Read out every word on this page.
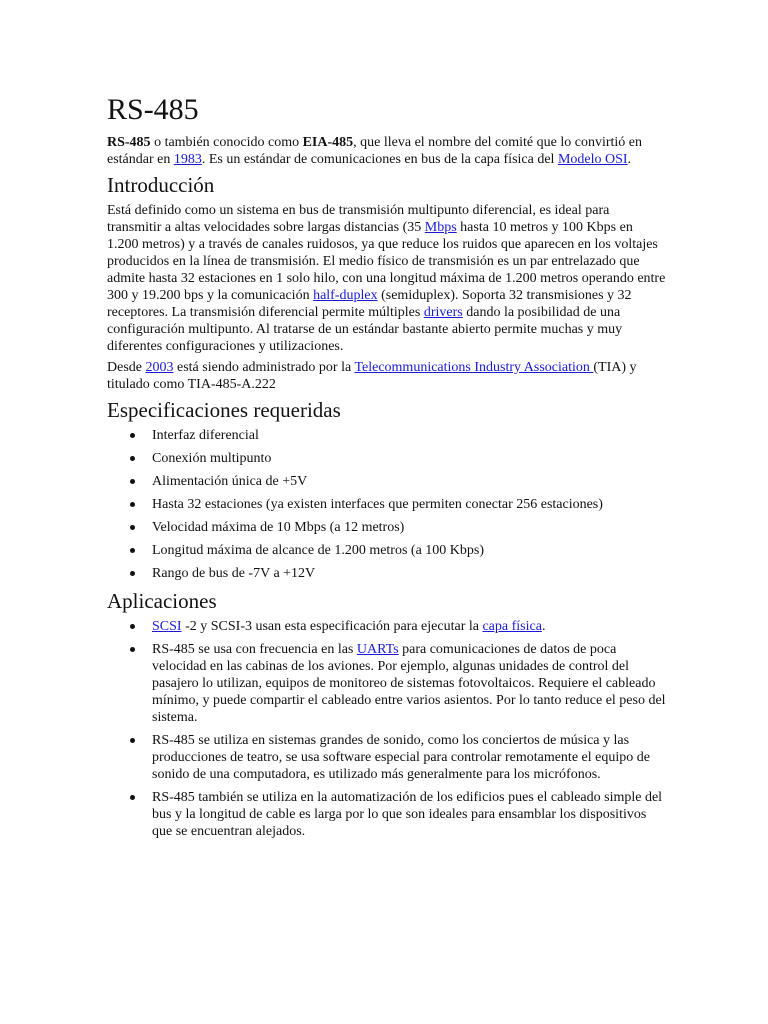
RS-485

RS-485 o también conocido como EIA-485, que lleva el nombre del comité que lo convirtió en estándar en 1983. Es un estándar de comunicaciones en bus de la capa física del Modelo OSI.

Introducción

Está definido como un sistema en bus de transmisión multipunto diferencial, es ideal para transmitir a altas velocidades sobre largas distancias (35 Mbps hasta 10 metros y 100 Kbps en 1.200 metros) y a través de canales ruidosos, ya que reduce los ruidos que aparecen en los voltajes producidos en la línea de transmisión. El medio físico de transmisión es un par entrelazado que admite hasta 32 estaciones en 1 solo hilo, con una longitud máxima de 1.200 metros operando entre 300 y 19.200 bps y la comunicación half-duplex (semiduplex). Soporta 32 transmisiones y 32 receptores. La transmisión diferencial permite múltiples drivers dando la posibilidad de una configuración multipunto. Al tratarse de un estándar bastante abierto permite muchas y muy diferentes configuraciones y utilizaciones.

Desde 2003 está siendo administrado por la Telecommunications Industry Association (TIA) y titulado como TIA-485-A.222

Especificaciones requeridas
Interfaz diferencial
Conexión multipunto
Alimentación única de +5V
Hasta 32 estaciones (ya existen interfaces que permiten conectar 256 estaciones)
Velocidad máxima de 10 Mbps (a 12 metros)
Longitud máxima de alcance de 1.200 metros (a 100 Kbps)
Rango de bus de -7V a +12V
Aplicaciones
SCSI -2 y SCSI-3 usan esta especificación para ejecutar la capa física.
RS-485 se usa con frecuencia en las UARTs para comunicaciones de datos de poca velocidad en las cabinas de los aviones. Por ejemplo, algunas unidades de control del pasajero lo utilizan, equipos de monitoreo de sistemas fotovoltaicos. Requiere el cableado mínimo, y puede compartir el cableado entre varios asientos. Por lo tanto reduce el peso del sistema.
RS-485 se utiliza en sistemas grandes de sonido, como los conciertos de música y las producciones de teatro, se usa software especial para controlar remotamente el equipo de sonido de una computadora, es utilizado más generalmente para los micrófonos.
RS-485 también se utiliza en la automatización de los edificios pues el cableado simple del bus y la longitud de cable es larga por lo que son ideales para ensamblar los dispositivos que se encuentran alejados.
